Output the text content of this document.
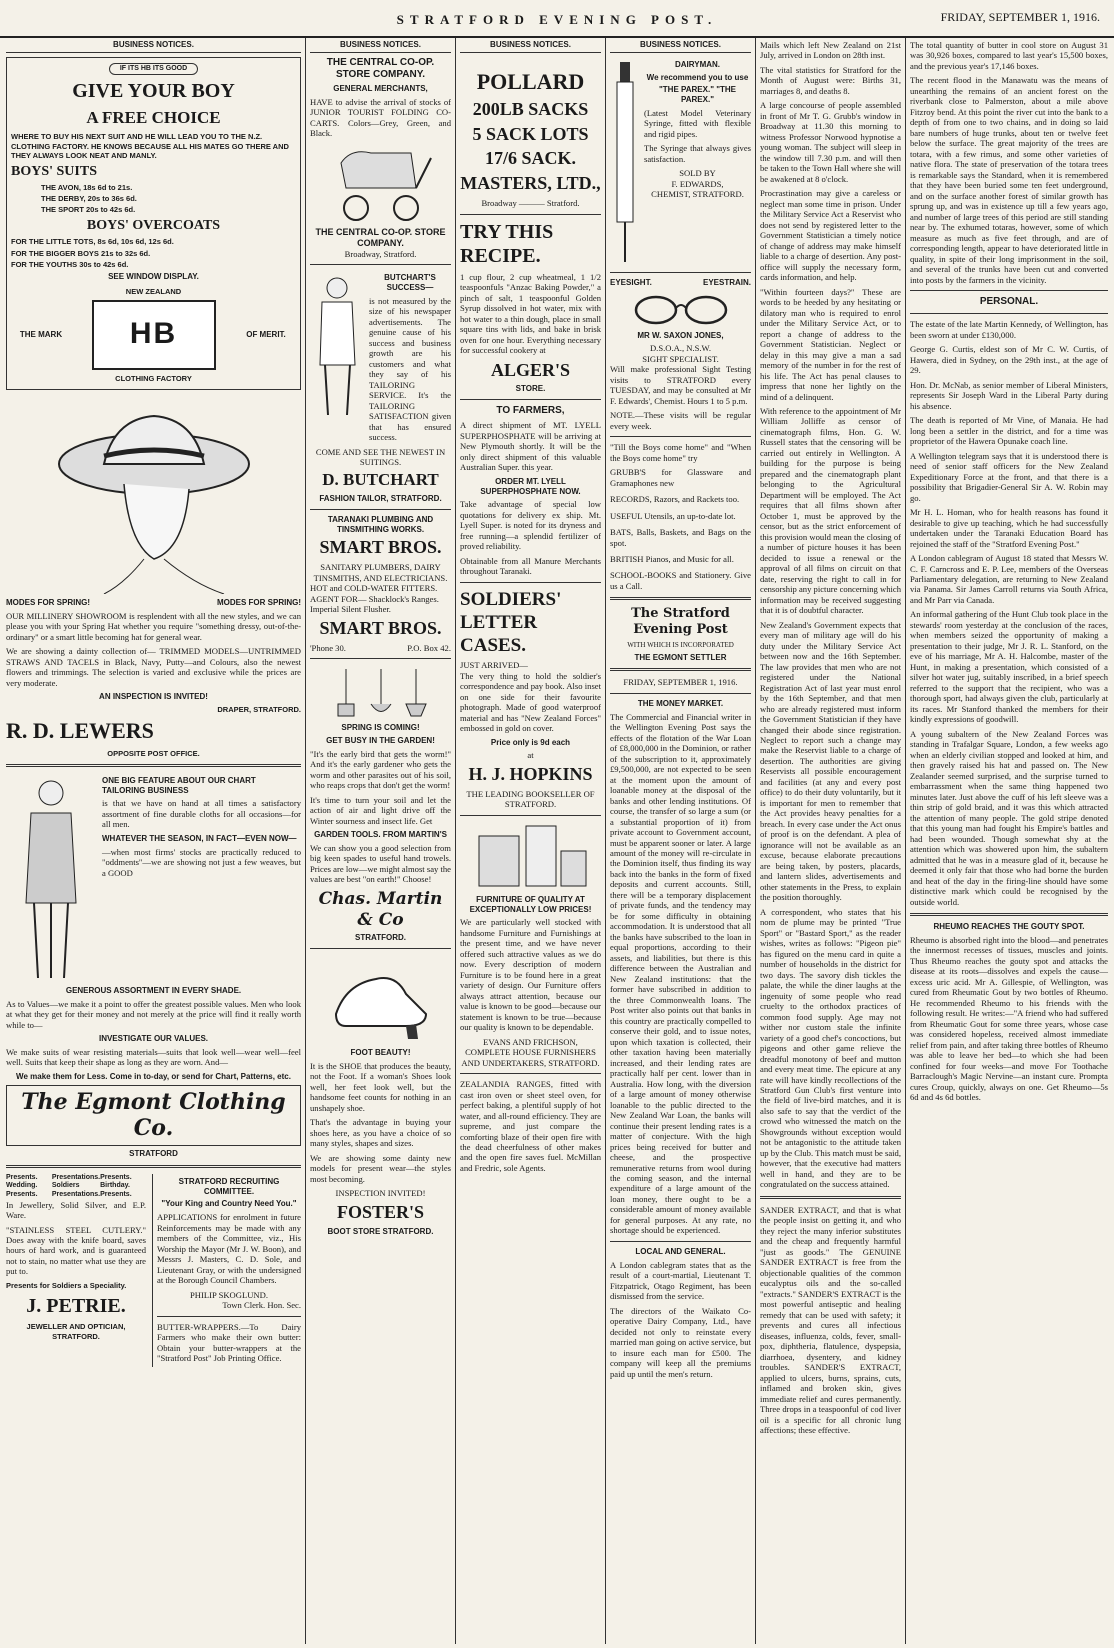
STRATFORD EVENING POST.	FRIDAY, SEPTEMBER 1, 1916.
BUSINESS NOTICES.
IF ITS HB ITS GOOD
GIVE YOUR BOY
A FREE CHOICE
WHERE TO BUY HIS NEXT SUIT AND HE WILL LEAD YOU TO THE N.Z. CLOTHING FACTORY. HE KNOWS BECAUSE ALL HIS MATES GO THERE AND THEY ALWAYS LOOK NEAT AND MANLY.
BOYS' SUITS
THE AVON, 18s 6d to 21s.
THE DERBY, 20s to 36s 6d.
THE SPORT 20s to 42s 6d.
BOYS' OVERCOATS
FOR THE LITTLE TOTS, 8s 6d, 10s 6d, 12s 6d.
FOR THE BIGGER BOYS 21s to 32s 6d.
FOR THE YOUTHS 30s to 42s 6d.
SEE WINDOW DISPLAY.
THE MARK
NEW ZEALAND
HB
CLOTHING FACTORY
OF MERIT.
MODES FOR SPRING!	MODES FOR SPRING!

OUR MILLINERY SHOWROOM is resplendent with all the new styles, and we can please you with your Spring Hat whether you require "something dressy, out-of-the-ordinary" or a smart little becoming hat for general wear.

We are showing a dainty collection of— TRIMMED MODELS—UNTRIMMED STRAWS AND TACELS in Black, Navy, Putty—and Colours, also the newest flowers and trimmings. The selection is varied and exclusive while the prices are very moderate.

AN INSPECTION IS INVITED!
DRAPER, STRATFORD.
R. D. LEWERS
OPPOSITE POST OFFICE.
ONE BIG FEATURE ABOUT OUR CHART TAILORING BUSINESS

is that we have on hand at all times a satisfactory assortment of fine durable cloths for all occasions—for all men.

WHATEVER THE SEASON, IN FACT—EVEN NOW—

—when most firms' stocks are practically reduced to "oddments"—we are showing not just a few weaves, but a GOOD

GENEROUS ASSORTMENT IN EVERY SHADE.

As to Values—we make it a point to offer the greatest possible values. Men who look at what they get for their money and not merely at the price will find it really worth while to—

INVESTIGATE OUR VALUES.

We make suits of wear resisting materials—suits that look well—wear well—feel well. Suits that keep their shape as long as they are worn. And—

We make them for Less. Come in to-day, or send for Chart, Patterns, etc.
The Egmont Clothing Co.
STRATFORD
Presents.	Presentations. Presents.
Wedding.	Soldiers	Birthday.
Presents.	Presentations. Presents.

In Jewellery, Solid Silver, and E.P. Ware.

"STAINLESS STEEL CUTLERY." Does away with the knife board, saves hours of hard work, and is guaranteed not to stain, no matter what use they are put to.

Presents for Soldiers a Speciality.
J. PETRIE.
JEWELLER AND OPTICIAN, STRATFORD.
STRATFORD RECRUITING COMMITTEE.
"Your King and Country Need You."

APPLICATIONS for enrolment in future Reinforcements may be made with any members of the Committee, viz., His Worship the Mayor (Mr J. W. Boon), and Messrs J. Masters, C. D. Sole, and Lieutenant Gray, or with the undersigned at the Borough Council Chambers.

PHILIP SKOGLUND.
Town Clerk. Hon. Sec.

BUTTER-WRAPPERS.—To Dairy Farmers who make their own butter: Obtain your butter-wrappers at the "Stratford Post" Job Printing Office.

BUSINESS NOTICES.
THE CENTRAL CO-OP. STORE COMPANY.
GENERAL MERCHANTS,

HAVE to advise the arrival of stocks of JUNIOR TOURIST FOLDING CO-CARTS. Colors—Grey, Green, and Black.

THE CENTRAL CO-OP. STORE COMPANY.
Broadway, Stratford.
BUTCHART'S SUCCESS—

is not measured by the size of his newspaper advertisements. The genuine cause of his success and business growth are his customers and what they say of his TAILORING SERVICE. It's the TAILORING SATISFACTION given that has ensured success.

COME AND SEE THE NEWEST IN SUITINGS.
D. BUTCHART
FASHION TAILOR, STRATFORD.
TARANAKI PLUMBING AND TINSMITHING WORKS.
SMART BROS.
SANITARY PLUMBERS, DAIRY TINSMITHS, AND ELECTRICIANS.
HOT and COLD-WATER FITTERS.
AGENT FOR— Shacklock's Ranges. Imperial Silent Flusher.
SMART BROS.
'Phone 30.	P.O. Box 42.
SPRING IS COMING!
GET BUSY IN THE GARDEN!

"It's the early bird that gets the worm!" And it's the early gardener who gets the worm and other parasites out of his soil, who reaps crops that don't get the worm!

It's time to turn your soil and let the action of air and light drive off the Winter sourness and insect life. Get

GARDEN TOOLS. FROM MARTIN'S

We can show you a good selection from big keen spades to useful hand trowels. Prices are low—we might almost say the values are best "on earth!" Choose!

Chas. Martin & Co
STRATFORD.
FOOT BEAUTY!

It is the SHOE that produces the beauty, not the Foot. If a woman's Shoes look well, her feet look well, but the handsome feet counts for nothing in an unshapely shoe.

That's the advantage in buying your shoes here, as you have a choice of so many styles, shapes and sizes.

We are showing some dainty new models for present wear—the styles most becoming.

INSPECTION INVITED!
FOSTER'S
BOOT STORE STRATFORD.
BUSINESS NOTICES.
POLLARD
200LB SACKS
5 SACK LOTS
17/6 SACK.
MASTERS, LTD.,
Broadway ——— Stratford.
TRY THIS RECIPE.

1 cup flour, 2 cup wheatmeal, 1 1/2 teaspoonfuls "Anzac Baking Powder," a pinch of salt, 1 teaspoonful Golden Syrup dissolved in hot water, mix with hot water to a thin dough, place in small square tins with lids, and bake in brisk oven for one hour. Everything necessary for successful cookery at

ALGER'S
STORE.
TO FARMERS,

A direct shipment of MT. LYELL SUPERPHOSPHATE will be arriving at New Plymouth shortly. It will be the only direct shipment of this valuable Australian Super. this year.

ORDER MT. LYELL SUPERPHOSPHATE NOW.

Take advantage of special low quotations for delivery ex ship. Mt. Lyell Super. is noted for its dryness and free running—a splendid fertilizer of proved reliability.

Obtainable from all Manure Merchants throughout Taranaki.

SOLDIERS' LETTER CASES.
JUST ARRIVED—

The very thing to hold the soldier's correspondence and pay book. Also inset on one side for their favourite photograph. Made of good waterproof material and has "New Zealand Forces" embossed in gold on cover.

Price only is 9d each
at
H. J. HOPKINS
THE LEADING BOOKSELLER OF STRATFORD.
FURNITURE OF QUALITY AT EXCEPTIONALLY LOW PRICES!

We are particularly well stocked with handsome Furniture and Furnishings at the present time, and we have never offered such attractive values as we do now. Every description of modern Furniture is to be found here in a great variety of design. Our Furniture offers always attract attention, because our value is known to be good—because our statement is known to be true—because our quality is known to be dependable.

EVANS AND FRICHSON,
COMPLETE HOUSE FURNISHERS AND UNDERTAKERS, STRATFORD.

ZEALANDIA RANGES, fitted with cast iron oven or sheet steel oven, for perfect baking, a plentiful supply of hot water, and all-round efficiency. They are supreme, and just compare the comforting blaze of their open fire with the dead cheerfulness of other makes and the open fire saves fuel. McMillan and Fredric, sole Agents.

BUSINESS NOTICES.
DAIRYMAN.
We recommend you to use
"THE PAREX." "THE PAREX."

(Latest Model Veterinary Syringe, fitted with flexible and rigid pipes.

The Syringe that always gives satisfaction.

SOLD BY
F. EDWARDS,
CHEMIST, STRATFORD.
EYESIGHT.	EYESTRAIN.
MR W. SAXON JONES,
D.S.O.A., N.S.W.
SIGHT SPECIALIST.

Will make professional Sight Testing visits to STRATFORD every TUESDAY, and may be consulted at Mr F. Edwards', Chemist. Hours 1 to 5 p.m.

NOTE.—These visits will be regular every week.

"Till the Boys come home" and "When the Boys come home" try

GRUBB'S for Glassware and Gramaphones new

RECORDS, Razors, and Rackets too.

USEFUL Utensils, an up-to-date lot.

BATS, Balls, Baskets, and Bags on the spot.

BRITISH Pianos, and Music for all.

SCHOOL-BOOKS and Stationery. Give us a Call.

The Stratford Evening Post
WITH WHICH IS INCORPORATED
THE EGMONT SETTLER
FRIDAY, SEPTEMBER 1, 1916.
THE MONEY MARKET.

The Commercial and Financial writer in the Wellington Evening Post says the effects of the flotation of the War Loan of £8,000,000 in the Dominion, or rather of the subscription to it, approximately £9,500,000, are not expected to be seen at the moment upon the amount of loanable money at the disposal of the banks and other lending institutions. Of course, the transfer of so large a sum (or a substantial proportion of it) from private account to Government account, must be apparent sooner or later. A large amount of the money will re-circulate in the Dominion itself, thus finding its way back into the banks in the form of fixed deposits and current accounts. Still, there will be a temporary displacement of private funds, and the tendency may be for some difficulty in obtaining accommodation. It is understood that all the banks have subscribed to the loan in equal proportions, according to their assets, and liabilities, but there is this difference between the Australian and New Zealand institutions: that the former have subscribed in addition to the three Commonwealth loans. The Post writer also points out that banks in this country are practically compelled to conserve their gold, and to issue notes, upon which taxation is collected, their other taxation having been materially increased, and their lending rates are practically half per cent. lower than in Australia. How long, with the diversion of a large amount of money otherwise loanable to the public directed to the New Zealand War Loan, the banks will continue their present lending rates is a matter of conjecture. With the high prices being received for butter and cheese, and the prospective remunerative returns from wool during the coming season, and the internal expenditure of a large amount of the loan money, there ought to be a considerable amount of money available for general purposes. At any rate, no shortage should be experienced.

LOCAL AND GENERAL.

A London cablegram states that as the result of a court-martial, Lieutenant T. Fitzpatrick, Otago Regiment, has been dismissed from the service.

The directors of the Waikato Co-operative Dairy Company, Ltd., have decided not only to reinstate every married man going on active service, but to insure each man for £500. The company will keep all the premiums paid up until the men's return.

Mails which left New Zealand on 21st July, arrived in London on 28th inst.

The vital statistics for Stratford for the Month of August were: Births 31, marriages 8, and deaths 8.

A large concourse of people assembled in front of Mr T. G. Grubb's window in Broadway at 11.30 this morning to witness Professor Norwood hypnotise a young woman. The subject will sleep in the window till 7.30 p.m. and will then be taken to the Town Hall where she will be awakened at 8 o'clock.

Procrastination may give a careless or neglect man some time in prison. Under the Military Service Act a Reservist who does not send by registered letter to the Government Statistician a timely notice of change of address may make himself liable to a charge of desertion. Any post-office will supply the necessary form, cards information, and help.

"Within fourteen days?" These are words to be heeded by any hesitating or dilatory man who is required to enrol under the Military Service Act, or to report a change of address to the Government Statistician. Neglect or delay in this may give a man a sad memory of the number in for the rest of his life. The Act has penal clauses to impress that none her lightly on the mind of a delinquent.

With reference to the appointment of Mr William Jolliffe as censor of cinematograph films, Hon. G. W. Russell states that the censoring will be carried out entirely in Wellington. A building for the purpose is being prepared and the cinematograph plant belonging to the Agricultural Department will be employed. The Act requires that all films shown after October 1, must be approved by the censor, but as the strict enforcement of this provision would mean the closing of a number of picture houses it has been decided to issue a renewal or the approval of all films on circuit on that date, reserving the right to call in for censorship any picture concerning which information may be received suggesting that it is of doubtful character.

New Zealand's Government expects that every man of military age will do his duty under the Military Service Act between now and the 16th September. The law provides that men who are not registered under the National Registration Act of last year must enrol by the 16th September, and that men who are already registered must inform the Government Statistician if they have changed their abode since registration. Neglect to report such a change may make the Reservist liable to a charge of desertion. The authorities are giving Reservists all possible encouragement and facilities (at any and every post office) to do their duty voluntarily, but it is important for men to remember that the Act provides heavy penalties for a breach. In every case under the Act onus of proof is on the defendant. A plea of ignorance will not be available as an excuse, because elaborate precautions are being taken, by posters, placards, and lantern slides, advertisements and other statements in the Press, to explain the position thoroughly.

A correspondent, who states that his nom de plume may be printed "True Sport" or "Bastard Sport," as the reader wishes, writes as follows: "Pigeon pie" has figured on the menu card in quite a number of households in the district for two days. The savory dish tickles the palate, the while the diner laughs at the ingenuity of some people who read cruelty to the orthodox practices of common food supply. Age may not wither nor custom stale the infinite variety of a good chef's concoctions, but pigeons and other game relieve the dreadful monotony of beef and mutton and every meat time. The epicure at any rate will have kindly recollections of the Stratford Gun Club's first venture into the field of live-bird matches, and it is also safe to say that the verdict of the crowd who witnessed the match on the Showgrounds without exception would not be antagonistic to the attitude taken up by the Club. This match must be said, however, that the executive had matters well in hand, and they are to be congratulated on the success attained.

SANDER EXTRACT, and that is what the people insist on getting it, and who they reject the many inferior substitutes and the cheap and frequently harmful "just as goods." The GENUINE SANDER EXTRACT is free from the objectionable qualities of the common eucalyptus oils and the so-called "extracts." SANDER'S EXTRACT is the most powerful antiseptic and healing remedy that can be used with safety; it prevents and cures all infectious diseases, influenza, colds, fever, small-pox, diphtheria, flatulence, dyspepsia, diarrhoea, dysentery, and kidney troubles. SANDER'S EXTRACT, applied to ulcers, burns, sprains, cuts, inflamed and broken skin, gives immediate relief and cures permanently. Three drops in a teaspoonful of cod liver oil is a specific for all chronic lung affections; these effective.

The total quantity of butter in cool store on August 31 was 30,926 boxes, compared to last year's 15,500 boxes, and the previous year's 17,146 boxes.

The recent flood in the Manawatu was the means of unearthing the remains of an ancient forest on the riverbank close to Palmerston, about a mile above Fitzroy bend. At this point the river cut into the bank to a depth of from one to two chains, and in doing so laid bare numbers of huge trunks, about ten or twelve feet below the surface. The great majority of the trees are totara, with a few rimus, and some other varieties of native flora. The state of preservation of the totara trees is remarkable says the Standard, when it is remembered that they have been buried some ten feet underground, and on the surface another forest of similar growth has sprung up, and was in existence up till a few years ago, and number of large trees of this period are still standing near by. The exhumed totaras, however, some of which measure as much as five feet through, and are of corresponding length, appear to have deteriorated little in quality, in spite of their long imprisonment in the soil, and several of the trunks have been cut and converted into posts by the farmers in the vicinity.

PERSONAL.

The estate of the late Martin Kennedy, of Wellington, has been sworn at under £130,000.

George G. Curtis, eldest son of Mr C. W. Curtis, of Hawera, died in Sydney, on the 29th inst., at the age of 29.

Hon. Dr. McNab, as senior member of Liberal Ministers, represents Sir Joseph Ward in the Liberal Party during his absence.

The death is reported of Mr Vine, of Manaia. He had long been a settler in the district, and for a time was proprietor of the Hawera Opunake coach line.

A Wellington telegram says that it is understood there is need of senior staff officers for the New Zealand Expeditionary Force at the front, and that there is a possibility that Brigadier-General Sir A. W. Robin may go.

Mr H. L. Homan, who for health reasons has found it desirable to give up teaching, which he had successfully undertaken under the Taranaki Education Board has rejoined the staff of the "Stratford Evening Post."

A London cablegram of August 18 stated that Messrs W. C. F. Carncross and E. P. Lee, members of the Overseas Parliamentary delegation, are returning to New Zealand via Panama. Sir James Carroll returns via South Africa, and Mr Parr via Canada.

An informal gathering of the Hunt Club took place in the stewards' room yesterday at the conclusion of the races, when members seized the opportunity of making a presentation to their judge, Mr J. R. L. Stanford, on the eve of his marriage, Mr A. H. Halcombe, master of the Hunt, in making a presentation, which consisted of a silver hot water jug, suitably inscribed, in a brief speech referred to the support that the recipient, who was a thorough sport, had always given the club, particularly at its races. Mr Stanford thanked the members for their kindly expressions of goodwill.

A young subaltern of the New Zealand Forces was standing in Trafalgar Square, London, a few weeks ago when an elderly civilian stopped and looked at him, and then gravely raised his hat and passed on. The New Zealander seemed surprised, and the surprise turned to embarrassment when the same thing happened two minutes later. Just above the cuff of his left sleeve was a thin strip of gold braid, and it was this which attracted the attention of many people. The gold stripe denoted that this young man had fought his Empire's battles and had been wounded. Though somewhat shy at the attention which was showered upon him, the subaltern admitted that he was in a measure glad of it, because he deemed it only fair that those who had borne the burden and heat of the day in the firing-line should have some distinctive mark which could be recognised by the outside world.

RHEUMO REACHES THE GOUTY SPOT.

Rheumo is absorbed right into the blood—and penetrates the innermost recesses of tissues, muscles and joints. Thus Rheumo reaches the gouty spot and attacks the disease at its roots—dissolves and expels the cause—excess uric acid. Mr A. Gillespie, of Wellington, was cured from Rheumatic Gout by two bottles of Rheumo. He recommended Rheumo to his friends with the following result. He writes:—"A friend who had suffered from Rheumatic Gout for some three years, whose case was considered hopeless, received almost immediate relief from pain, and after taking three bottles of Rheumo was able to leave her bed—to which she had been confined for four weeks—and move For Toothache Barraclough's Magic Nervine—an instant cure. Prompta cures Croup, quickly, always on one. Get Rheumo—5s 6d and 4s 6d bottles.
